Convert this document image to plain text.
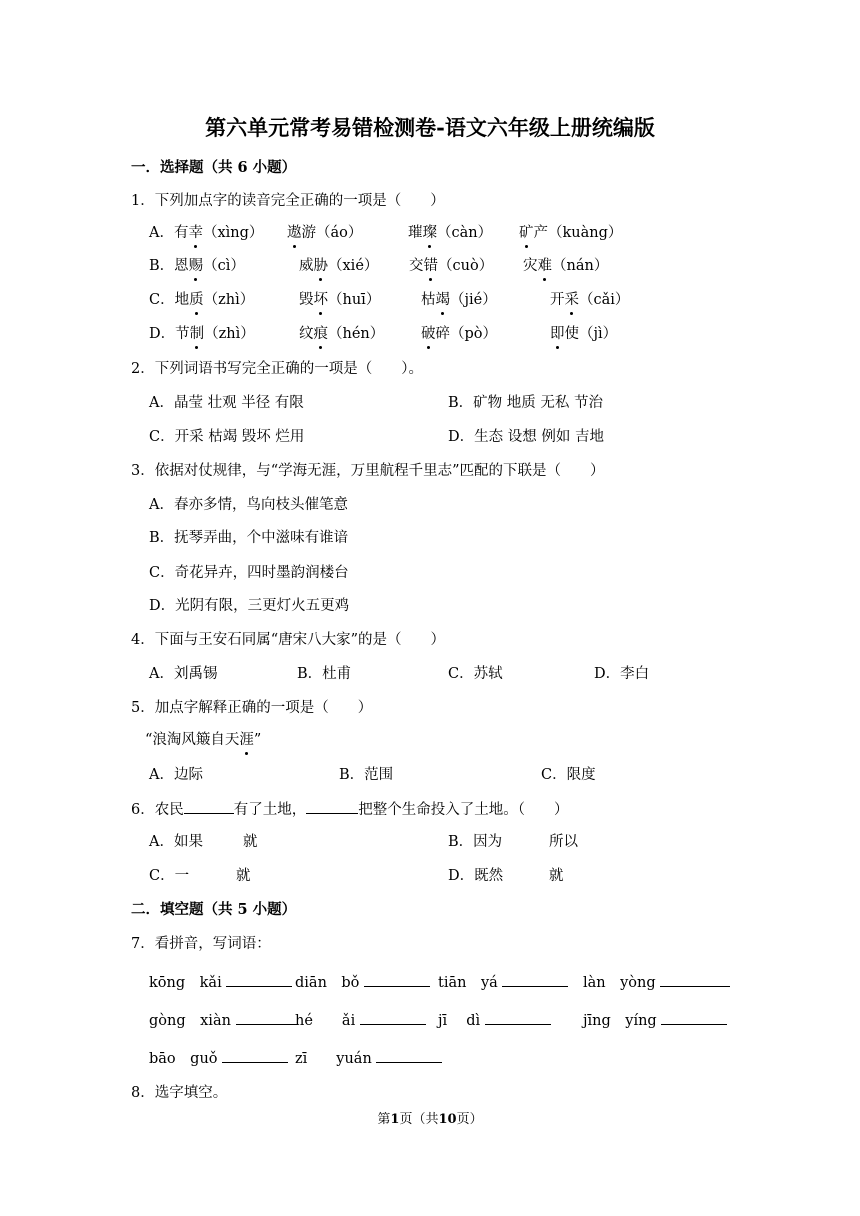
第六单元常考易错检测卷-语文六年级上册统编版
一．选择题（共 6 小题）
1．下列加点字的读音完全正确的一项是（　　）
A．有幸（xìng） 遨游（áo）	璀璨（càn） 矿产（kuàng）
B．恩赐（cì）	威胁（xié） 交错（cuò） 灾难（nán）
C．地质（zhì）	毁坏（huī）	枯竭（jié）	开采（cǎi）
D．节制（zhì）	纹痕（hén）	破碎（pò）	即使（jì）
2．下列词语书写完全正确的一项是（　　）。
A．晶莹 壮观 半径 有限	B．矿物 地质 无私 节治
C．开采 枯竭 毁坏 烂用	D．生态 设想 例如 吉地
3．依据对仗规律，与“学海无涯，万里航程千里志”匹配的下联是（　　）
A．春亦多情，鸟向枝头催笔意
B．抚琴弄曲，个中滋味有谁谙
C．奇花异卉，四时墨韵润楼台
D．光阴有限，三更灯火五更鸡
4．下面与王安石同属“唐宋八大家”的是（　　）
A．刘禹锡	B．杜甫	C．苏轼	D．李白
5．加点字解释正确的一项是（　　）
“浪淘风簸自天涯”
A．边际	B．范围	C．限度
6．农民	有了土地，	把整个生命投入了土地。（　　）
A．如果	就	B．因为	所以
C．一	就	D．既然	就
二．填空题（共 5 小题）
7．看拼音，写词语：
kōng　kǎi	diān　bǒ	tiān　yá	làn　yòng
gòng　xiàn	hé　　ǎi	jī　 dì	jīng　yíng
bāo　guǒ	zī　　yuán
8．选字填空。
第1页（共10页）
